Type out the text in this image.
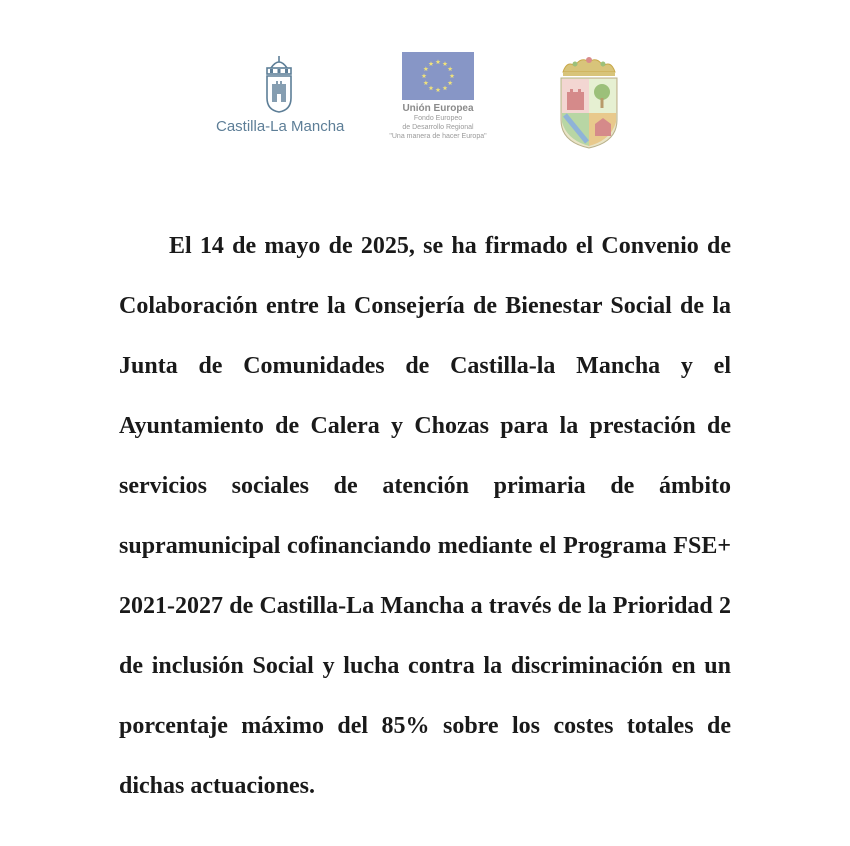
Castilla-La Mancha
Unión Europea
Fondo Europeo
de Desarrollo Regional
"Una manera de hacer Europa"
El 14 de mayo de 2025, se ha firmado el Convenio de Colaboración entre la Consejería de Bienestar Social de la Junta de Comunidades de Castilla-la Mancha y el Ayuntamiento de Calera y Chozas para la prestación de servicios sociales de atención primaria de ámbito supramunicipal cofinanciando mediante el Programa FSE+ 2021-2027 de Castilla-La Mancha a través de la Prioridad 2 de inclusión Social y lucha contra la discriminación en un porcentaje máximo del 85% sobre los costes totales de dichas actuaciones.
